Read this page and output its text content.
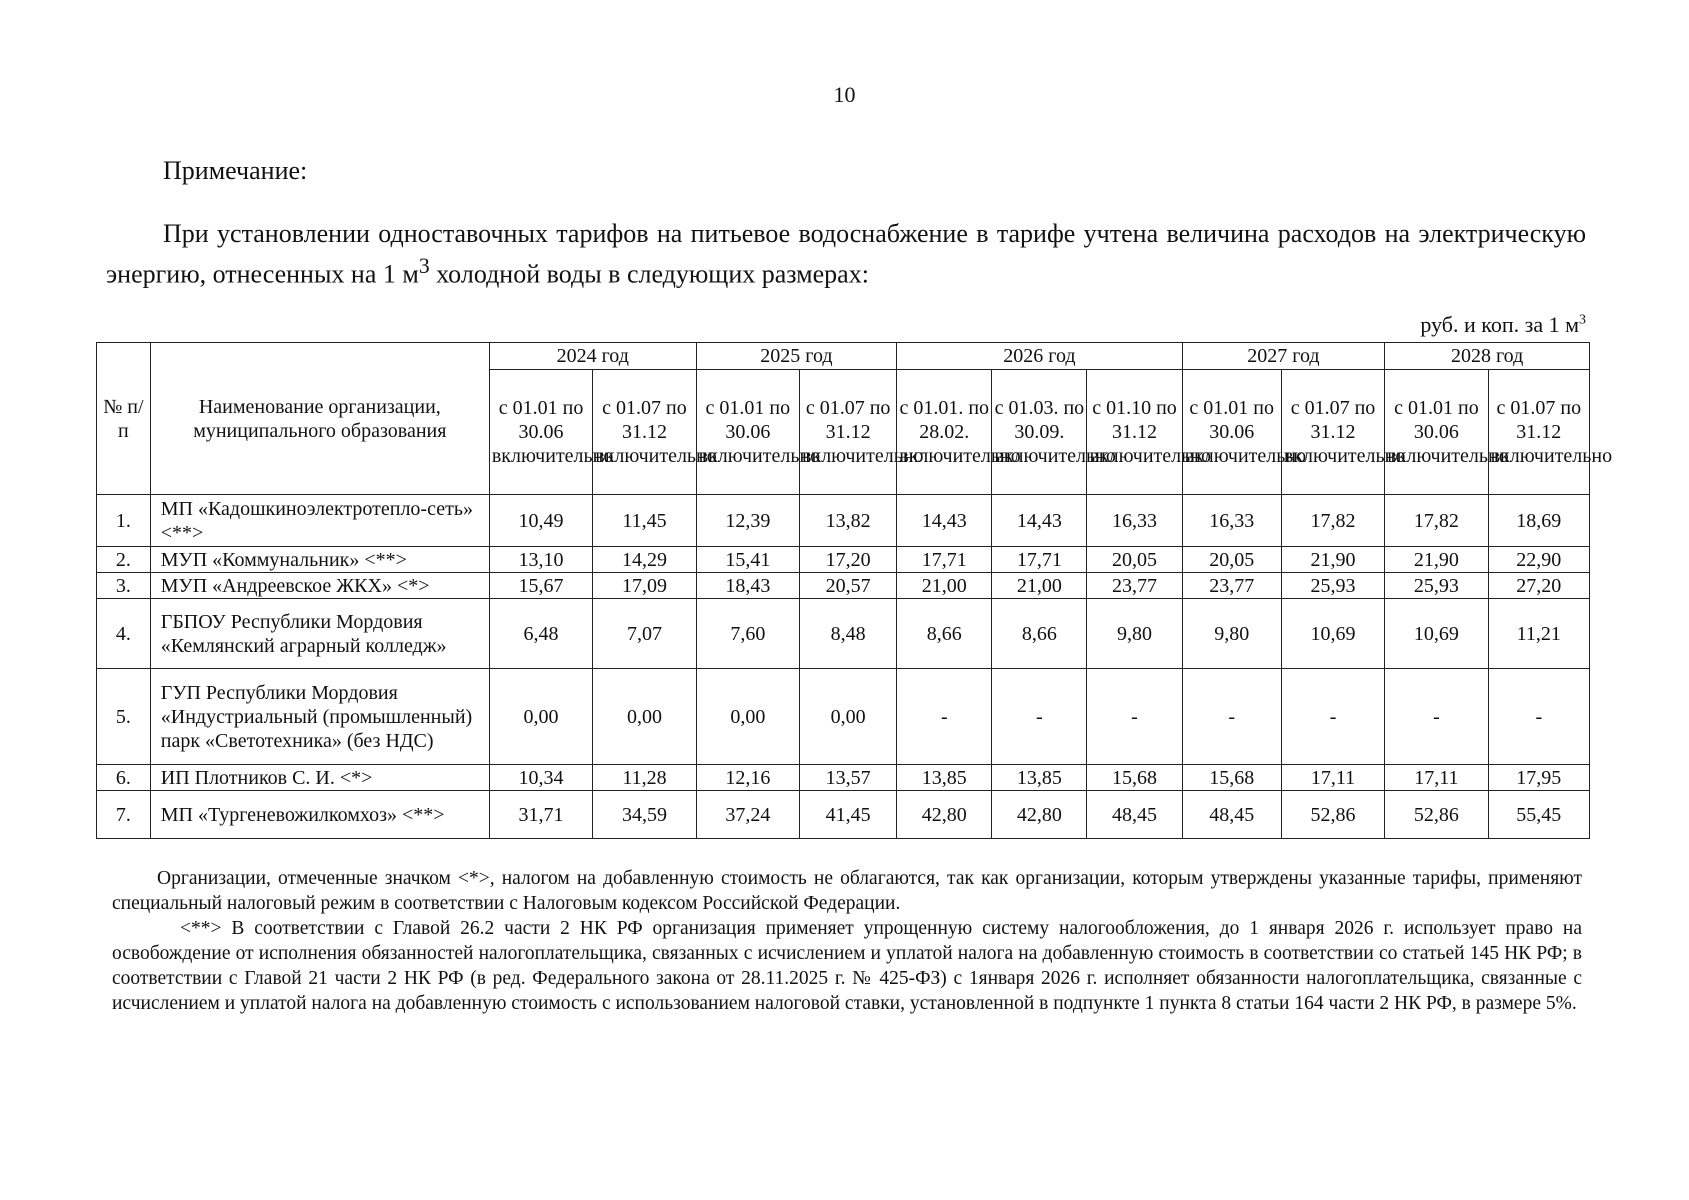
10
Примечание:
При установлении одноставочных тарифов на питьевое водоснабжение в тарифе учтена величина расходов на электрическую энергию, отнесенных на 1 $м^3$ холодной воды в следующих размерах:
руб. и коп. за 1 $м^3$
№ п/п	Наименование организации, муниципального образования	2024 год		2025 год		2026 год			2027 год		2028 год	
		с 01.01 по 30.06 включительно	с 01.07 по 31.12 включительно	с 01.01 по 30.06 включительно	с 01.07 по 31.12 включительно	с 01.01. по 28.02. включительно	с 01.03. по 30.09. включительно	с 01.10 по 31.12 включительно	с 01.01 по 30.06 включительно	с 01.07 по 31.12 включительно	с 01.01 по 30.06 включительно	с 01.07 по 31.12 включительно
1.	МП «Кадошкиноэлектротепло-сеть» <**>	10,49	11,45	12,39	13,82	14,43	14,43	16,33	16,33	17,82	17,82	18,69
2.	МУП «Коммунальник» <**>	13,10	14,29	15,41	17,20	17,71	17,71	20,05	20,05	21,90	21,90	22,90
3.	МУП «Андреевское ЖКХ» <*>	15,67	17,09	18,43	20,57	21,00	21,00	23,77	23,77	25,93	25,93	27,20
4.	ГБПОУ Республики Мордовия «Кемлянский аграрный колледж»	6,48	7,07	7,60	8,48	8,66	8,66	9,80	9,80	10,69	10,69	11,21
5.	ГУП Республики Мордовия «Индустриальный (промышленный) парк «Светотехника» (без НДС)	0,00	0,00	0,00	0,00	-	-	-	-	-	-	-
6.	ИП Плотников С. И. <*>	10,34	11,28	12,16	13,57	13,85	13,85	15,68	15,68	17,11	17,11	17,95
7.	МП «Тургеневожилкомхоз» <**>	31,71	34,59	37,24	41,45	42,80	42,80	48,45	48,45	52,86	52,86	55,45

Организации, отмеченные значком <*>, налогом на добавленную стоимость не облагаются, так как организации, которым утверждены указанные тарифы, применяют специальный налоговый режим в соответствии с Налоговым кодексом Российской Федерации.

<**> В соответствии с Главой 26.2 части 2 НК РФ организация применяет упрощенную систему налогообложения, до 1 января 2026 г. использует право на освобождение от исполнения обязанностей налогоплательщика, связанных с исчислением и уплатой налога на добавленную стоимость в соответствии со статьей 145 НК РФ; в соответствии с Главой 21 части 2 НК РФ (в ред. Федерального закона от 28.11.2025 г. № 425-ФЗ) с 1января 2026 г. исполняет обязанности налогоплательщика, связанные с исчислением и уплатой налога на добавленную стоимость с использованием налоговой ставки, установленной в подпункте 1 пункта 8 статьи 164 части 2 НК РФ, в размере 5%.
